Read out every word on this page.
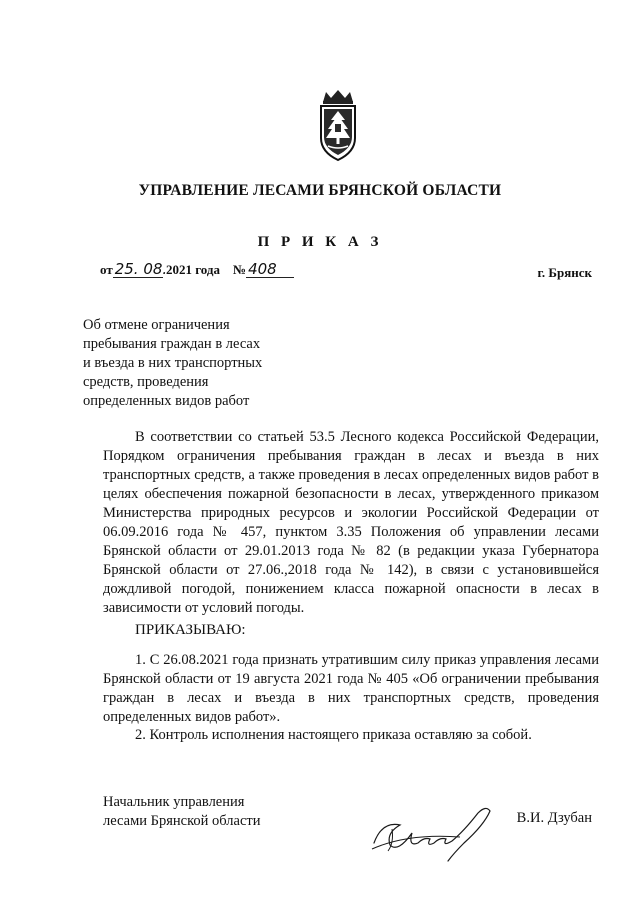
УПРАВЛЕНИЕ ЛЕСАМИ БРЯНСКОЙ ОБЛАСТИ
П Р И К А З
от 25. 08. 2021 года № 408	г. Брянск
Об отмене ограничения
пребывания граждан в лесах
и въезда в них транспортных
средств, проведения
определенных видов работ
В соответствии со статьей 53.5 Лесного кодекса Российской Федерации, Порядком ограничения пребывания граждан в лесах и въезда в них транспортных средств, а также проведения в лесах определенных видов работ в целях обеспечения пожарной безопасности в лесах, утвержденного приказом Министерства природных ресурсов и экологии Российской Федерации от 06.09.2016 года № 457, пунктом 3.35 Положения об управлении лесами Брянской области от 29.01.2013 года № 82 (в редакции указа Губернатора Брянской области от 27.06.,2018 года № 142), в связи с установившейся дождливой погодой, понижением класса пожарной опасности в лесах в зависимости от условий погоды.
ПРИКАЗЫВАЮ:
1. С 26.08.2021 года признать утратившим силу приказ управления лесами Брянской области от 19 августа 2021 года № 405 «Об ограничении пребывания граждан в лесах и въезда в них транспортных средств, проведения определенных видов работ».
2. Контроль исполнения настоящего приказа оставляю за собой.
Начальник управления
лесами Брянской области	В.И. Дзубан
